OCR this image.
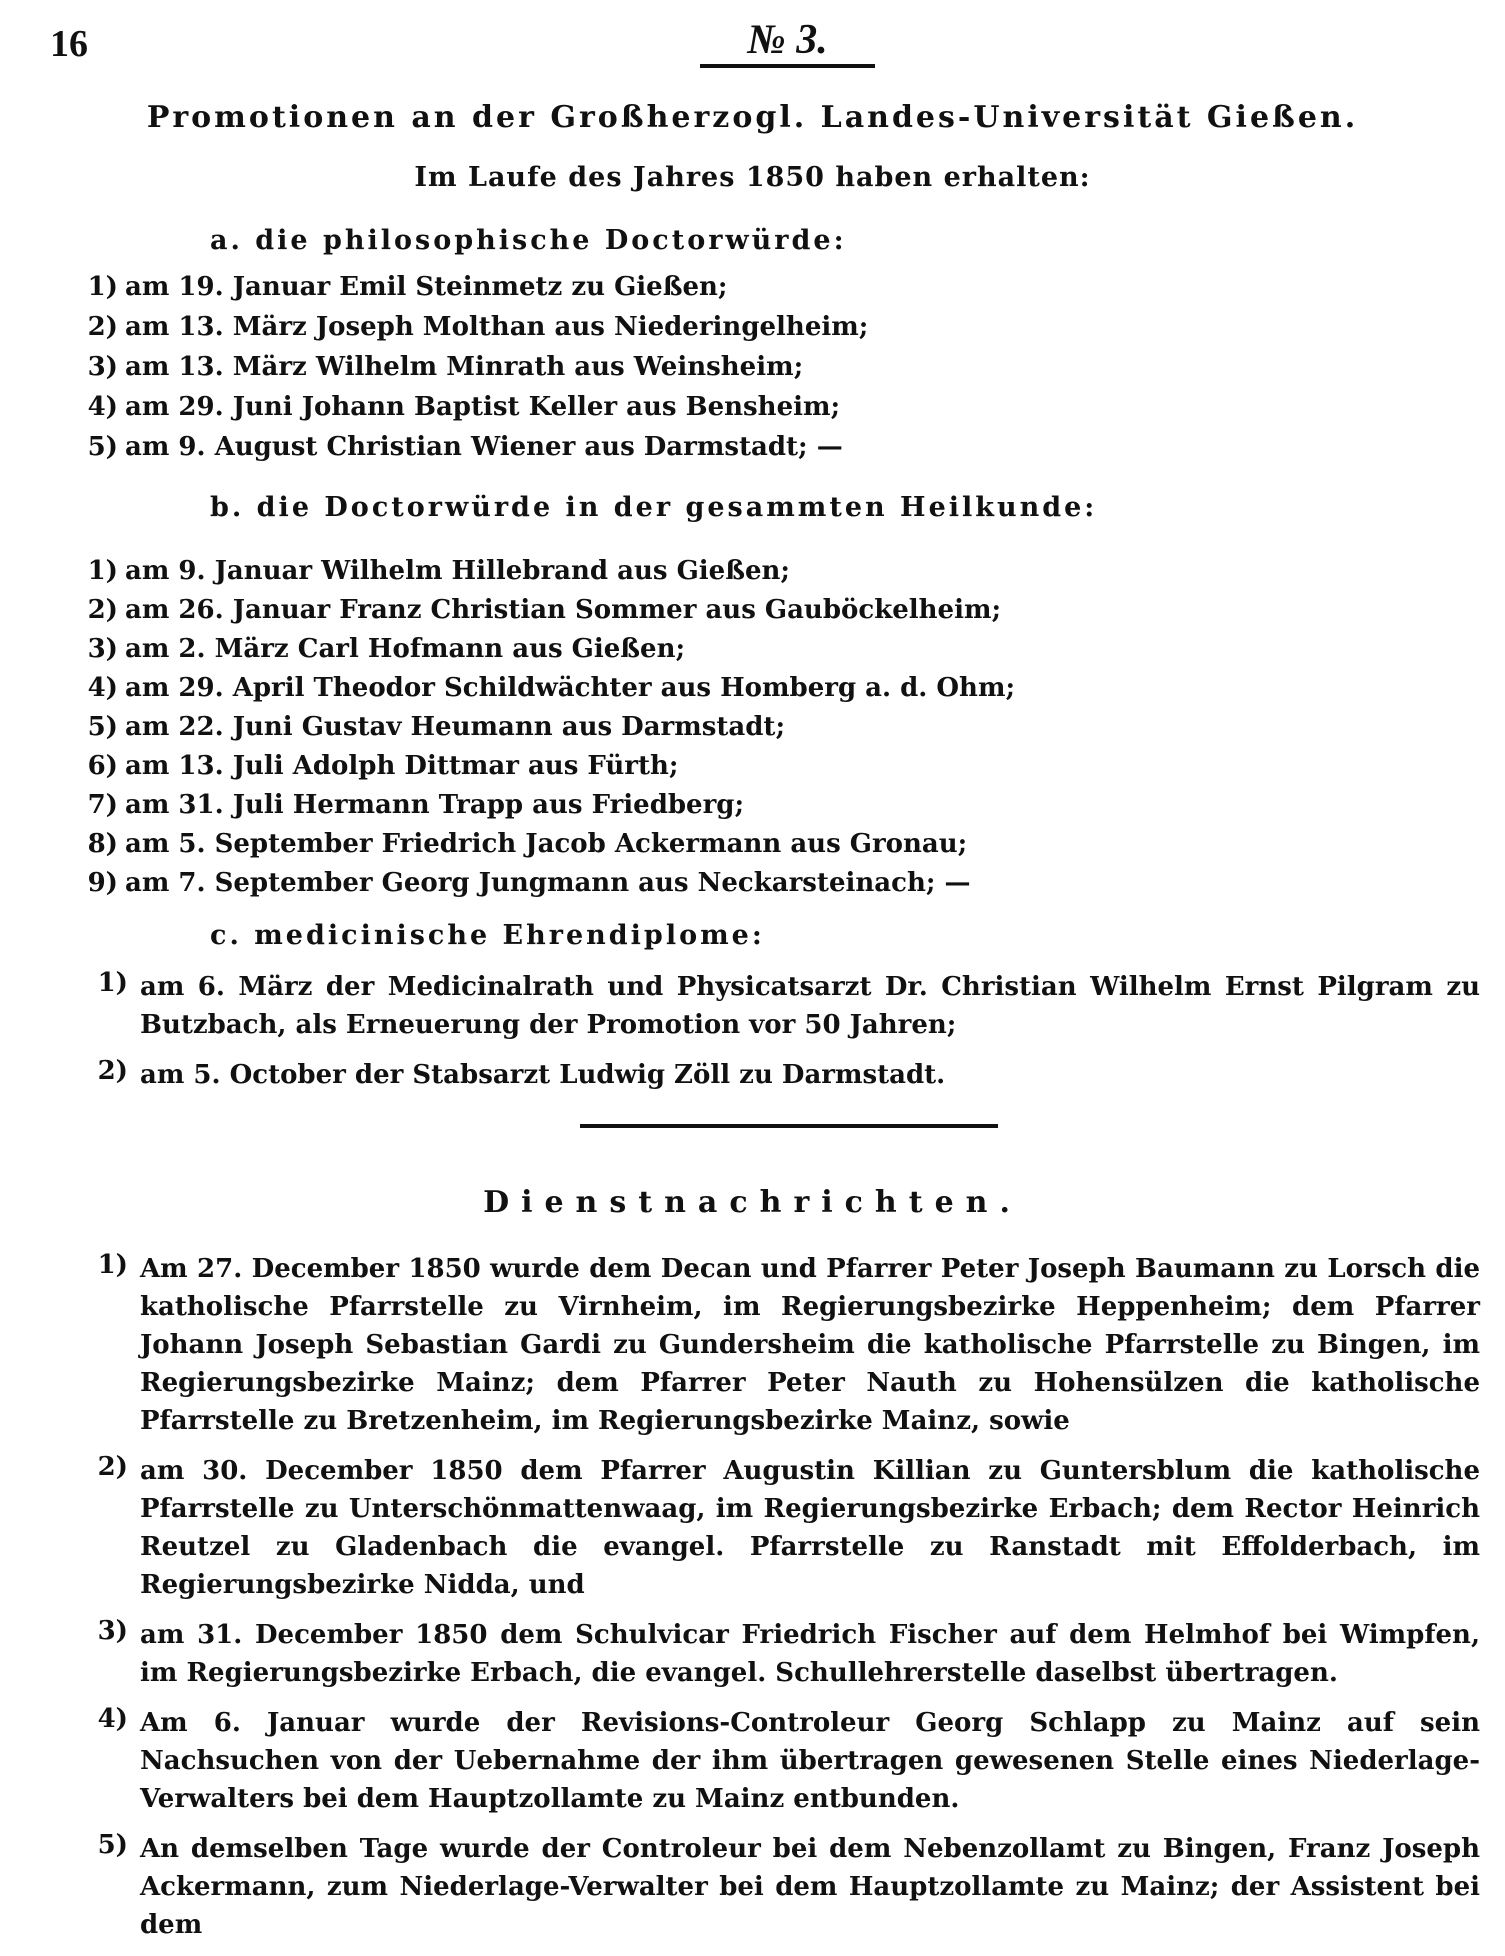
16	№ 3.
Promotionen an der Großherzogl. Landes-Universität Gießen.
Im Laufe des Jahres 1850 haben erhalten:
a. die philosophische Doctorwürde:
1) am 19. Januar Emil Steinmetz zu Gießen;
2) am 13. März Joseph Molthan aus Niederingelheim;
3) am 13. März Wilhelm Minrath aus Weinsheim;
4) am 29. Juni Johann Baptist Keller aus Bensheim;
5) am 9. August Christian Wiener aus Darmstadt; —
b. die Doctorwürde in der gesammten Heilkunde:
1) am 9. Januar Wilhelm Hillebrand aus Gießen;
2) am 26. Januar Franz Christian Sommer aus Gauböckelheim;
3) am 2. März Carl Hofmann aus Gießen;
4) am 29. April Theodor Schildwächter aus Homberg a. d. Ohm;
5) am 22. Juni Gustav Heumann aus Darmstadt;
6) am 13. Juli Adolph Dittmar aus Fürth;
7) am 31. Juli Hermann Trapp aus Friedberg;
8) am 5. September Friedrich Jacob Ackermann aus Gronau;
9) am 7. September Georg Jungmann aus Neckarsteinach; —
c. medicinische Ehrendiplome:
1) am 6. März der Medicinalrath und Physicatsarzt Dr. Christian Wilhelm Ernst Pilgram zu Butzbach, als Erneuerung der Promotion vor 50 Jahren;
2) am 5. October der Stabsarzt Ludwig Zöll zu Darmstadt.
Dienstnachrichten.
1) Am 27. December 1850 wurde dem Decan und Pfarrer Peter Joseph Baumann zu Lorsch die katholische Pfarrstelle zu Virnheim, im Regierungsbezirke Heppenheim; dem Pfarrer Johann Joseph Sebastian Gardi zu Gundersheim die katholische Pfarrstelle zu Bingen, im Regierungsbezirke Mainz; dem Pfarrer Peter Nauth zu Hohensülzen die katholische Pfarrstelle zu Bretzenheim, im Regierungsbezirke Mainz, sowie
2) am 30. December 1850 dem Pfarrer Augustin Killian zu Guntersblum die katholische Pfarrstelle zu Unterschönmattenwaag, im Regierungsbezirke Erbach; dem Rector Heinrich Reutzel zu Gladenbach die evangel. Pfarrstelle zu Ranstadt mit Effolderbach, im Regierungsbezirke Nidda, und
3) am 31. December 1850 dem Schulvicar Friedrich Fischer auf dem Helmhof bei Wimpfen, im Regierungsbezirke Erbach, die evangel. Schullehrerstelle daselbst übertragen.
4) Am 6. Januar wurde der Revisions-Controleur Georg Schlapp zu Mainz auf sein Nachsuchen von der Uebernahme der ihm übertragen gewesenen Stelle eines Niederlage-Verwalters bei dem Hauptzollamte zu Mainz entbunden.
5) An demselben Tage wurde der Controleur bei dem Nebenzollamt zu Bingen, Franz Joseph Ackermann, zum Niederlage-Verwalter bei dem Hauptzollamte zu Mainz; der Assistent bei dem
